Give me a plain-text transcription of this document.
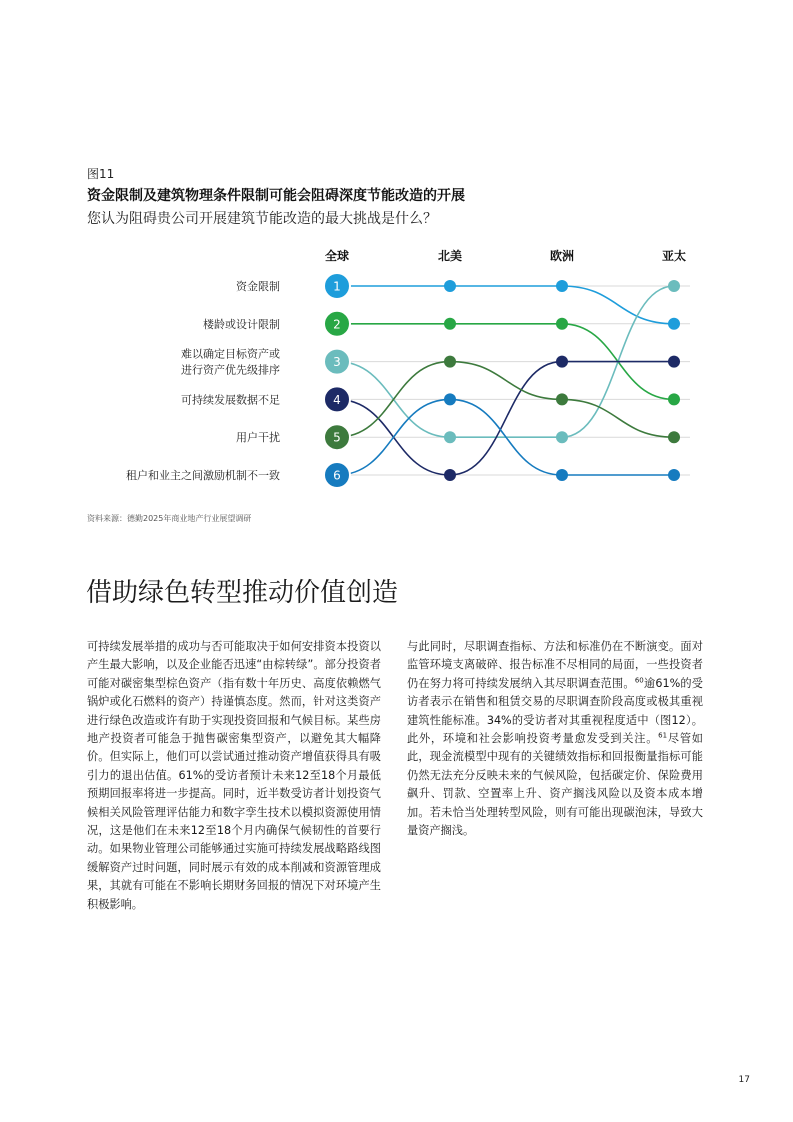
图11
资金限制及建筑物理条件限制可能会阻碍深度节能改造的开展
您认为阻碍贵公司开展建筑节能改造的最大挑战是什么？
全球	北美	欧洲	亚太
资金限制
楼龄或设计限制
难以确定目标资产或
进行资产优先级排序
可持续发展数据不足
用户干扰
租户和业主之间激励机制不一致
1
2
3
4
5
6
资料来源：德勤2025年商业地产行业展望调研
借助绿色转型推动价值创造

可持续发展举措的成功与否可能取决于如何安排资本投资以产生最大影响，以及企业能否迅速“由棕转绿”。部分投资者可能对碳密集型棕色资产（指有数十年历史、高度依赖燃气锅炉或化石燃料的资产）持谨慎态度。然而，针对这类资产进行绿色改造或许有助于实现投资回报和气候目标。某些房地产投资者可能急于抛售碳密集型资产，以避免其大幅降价。但实际上，他们可以尝试通过推动资产增值获得具有吸引力的退出估值。61%的受访者预计未来12至18个月最低预期回报率将进一步提高。同时，近半数受访者计划投资气候相关风险管理评估能力和数字孪生技术以模拟资源使用情况，这是他们在未来12至18个月内确保气候韧性的首要行动。如果物业管理公司能够通过实施可持续发展战略路线图缓解资产过时问题，同时展示有效的成本削减和资源管理成果，其就有可能在不影响长期财务回报的情况下对环境产生积极影响。

与此同时，尽职调查指标、方法和标准仍在不断演变。面对监管环境支离破碎、报告标准不尽相同的局面，一些投资者仍在努力将可持续发展纳入其尽职调查范围。$^{60}$逾61%的受访者表示在销售和租赁交易的尽职调查阶段高度或极其重视建筑性能标准。34%的受访者对其重视程度适中（图12）。此外，环境和社会影响投资考量愈发受到关注。$^{61}$尽管如此，现金流模型中现有的关键绩效指标和回报衡量指标可能仍然无法充分反映未来的气候风险，包括碳定价、保险费用飙升、罚款、空置率上升、资产搁浅风险以及资本成本增加。若未恰当处理转型风险，则有可能出现碳泡沫，导致大量资产搁浅。

17
